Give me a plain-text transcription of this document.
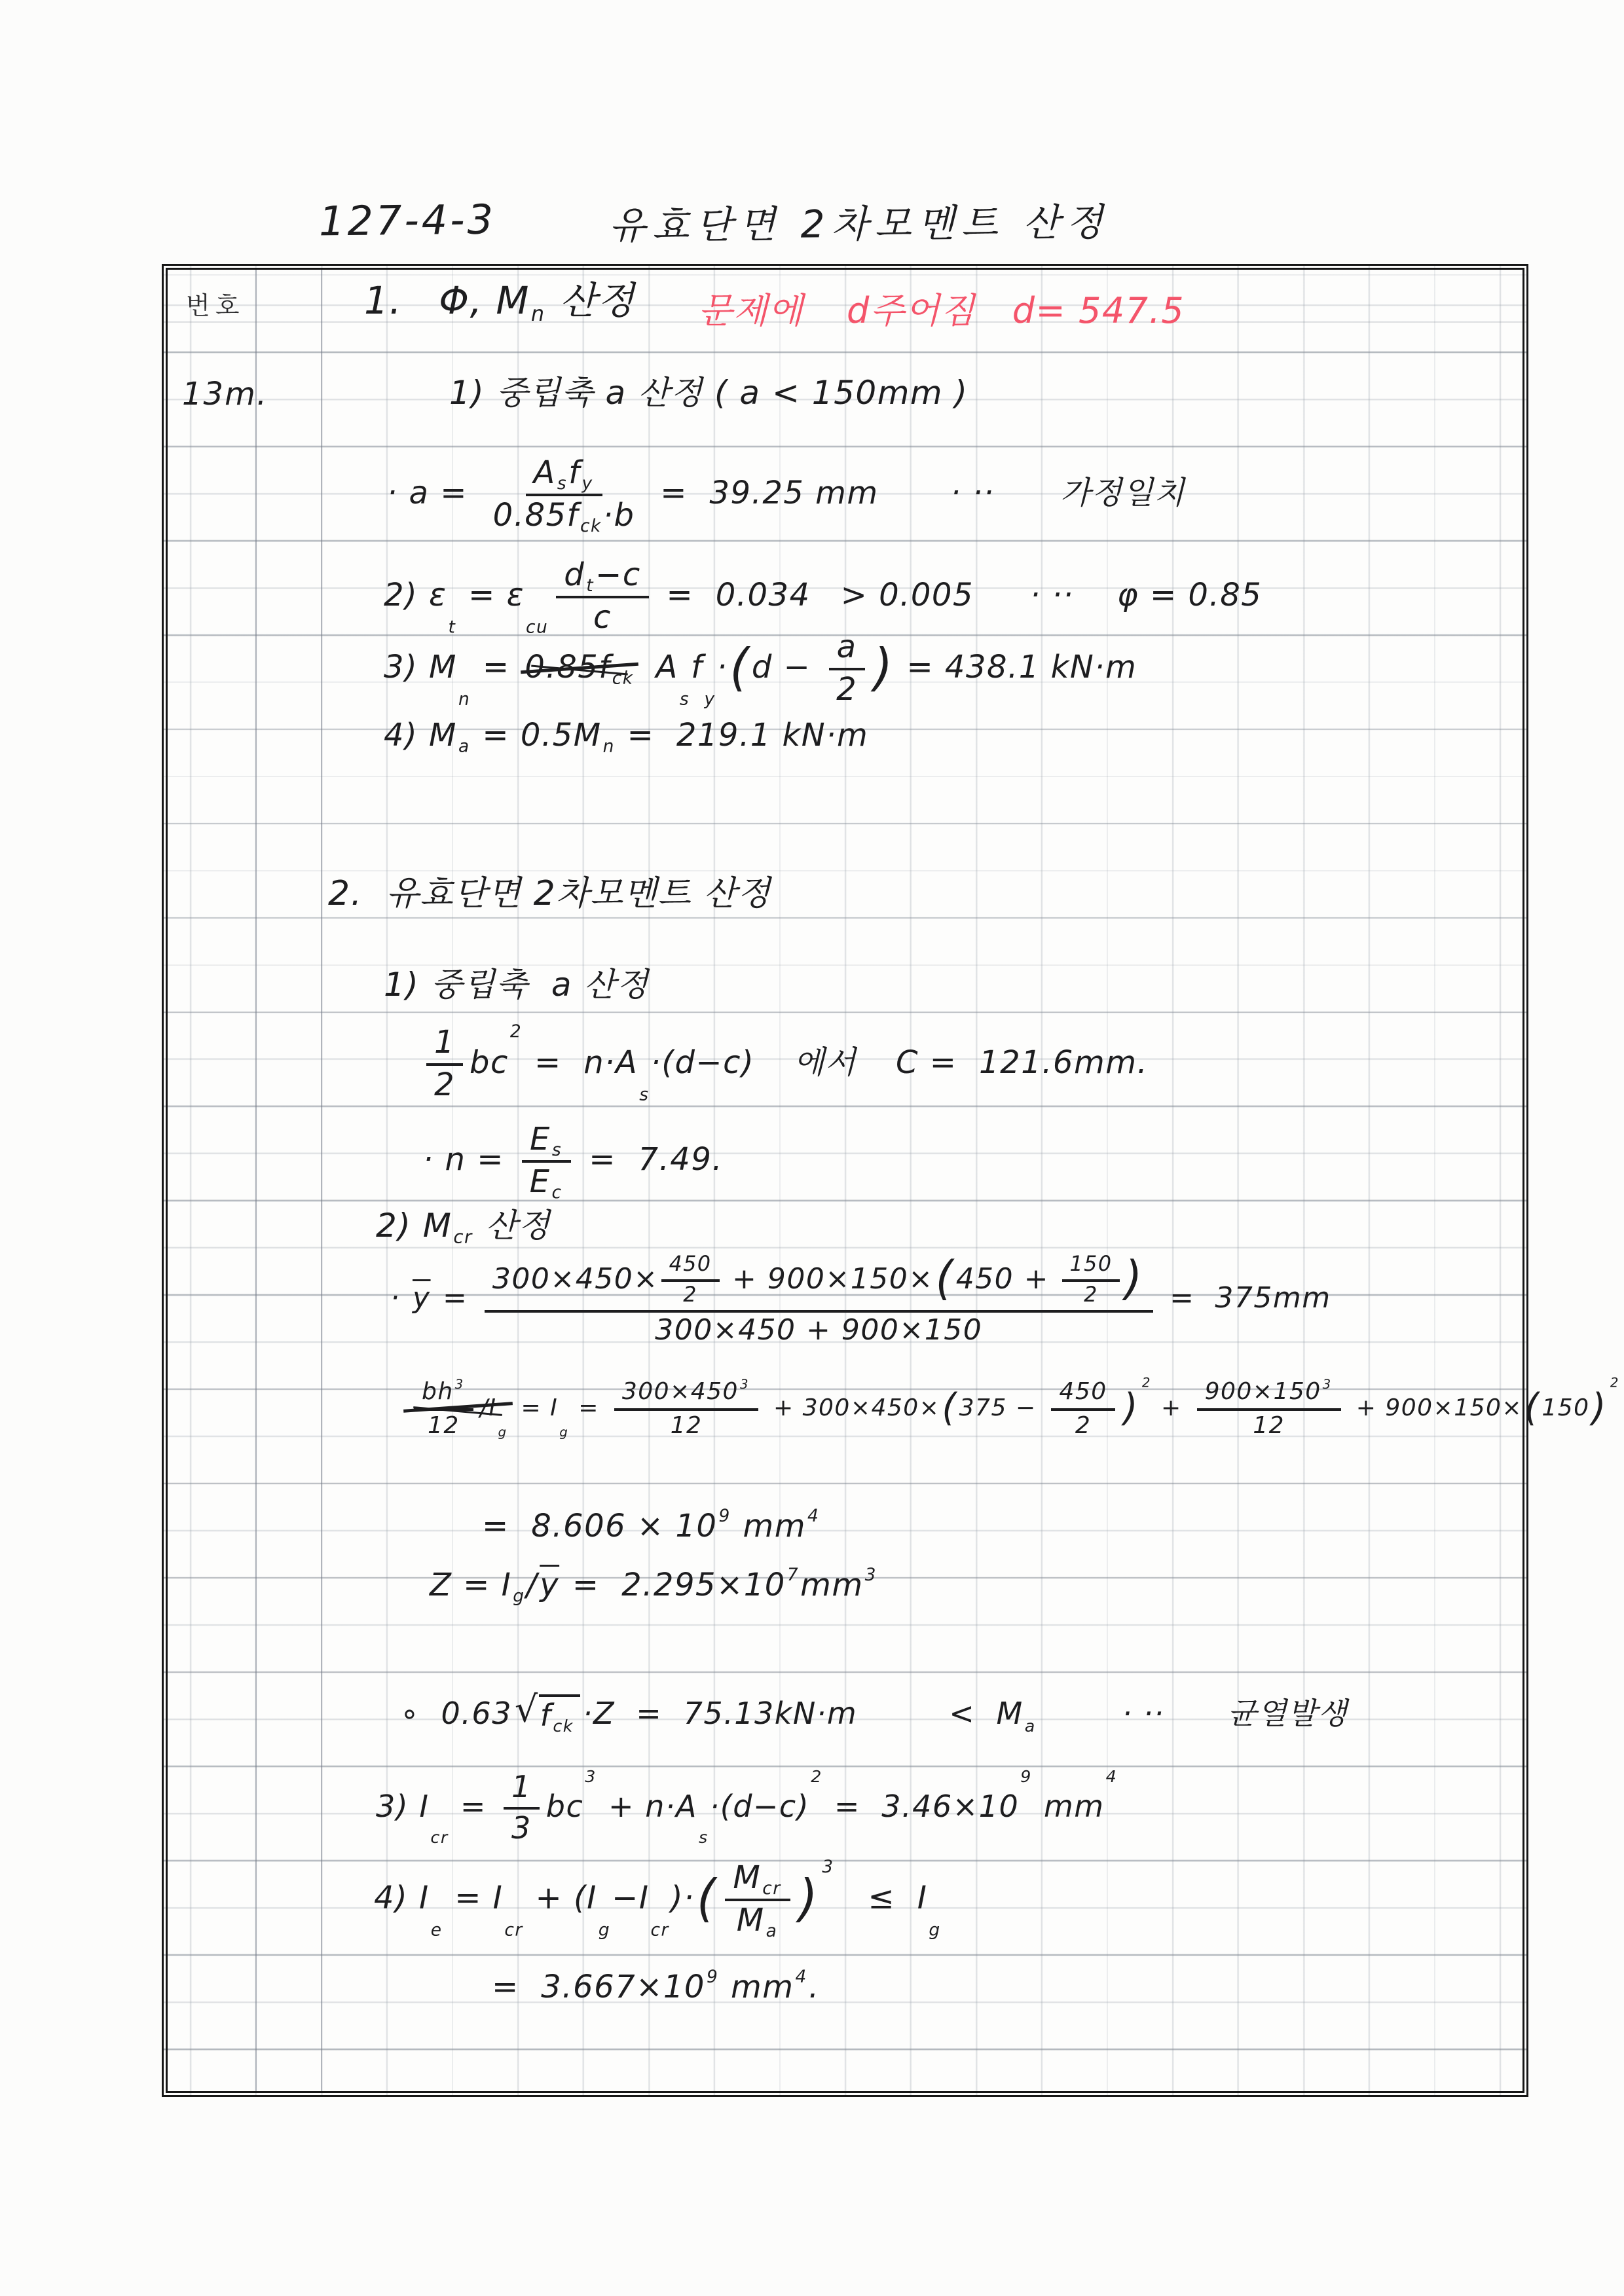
127-4-3	유효단면 2차모멘트 산정
번호
13m.
1. Φ, M n 산정 문제에 d주어짐 d= 547.5
1) 중립축 a 산정 ( a < 150mm )
· $a = \frac{\text{A s f y}}{\text{0.85f ck ·b}} = 39.25$ mm · ·· 가정일치
2) ε
t
= ε
cu $\frac{\text{d t −c}}{c} = 0.034 > 0.005$ · ·· φ = 0.85
3) M
n
= 0.85f ck A
s
f
y
· ( $d - \frac{a}{2}$ ) = 438.1 kN·m
4) M a = 0.5M n =  219.1 kN·m
2.  유효단면 2차모멘트 산정
1) 중립축  a 산정
$\frac{1}{2}$ bc
2
=  n·A
s
·(d−c) 에서 C =  121.6mm.
· $n = \frac{\text{E s}}{\text{E c}} = 7.49$.
2) M cr 산정
· $\overline{y} = \frac{300\times 450\times \frac{450}{2} + 900\times 150\times ( 450 + \frac{150}{2} )}{300\times 450 + 900\times 150} = 375mm$
$\frac{bh 3}{12} /I$
g
= I
g
= $\frac{300\times 450 3}{12} + 300\times 450\times$ ( $375 - \frac{450}{2}$ )
2
+ $\frac{900\times 150 3}{12} + 900\times 150\times$ ( 150 )
2
=  8.606 × 10 9 mm 4
Z = I $g / \overline{y} = 2.295\times 10$ 7 mm 3
∘  0.63 √ f ck ·Z  =  75.13kN·m	<  M a	· ·· 균열발생
3) I
cr
= $\frac{1}{3}$ bc
3
+ n·A
s
·(d−c)
2
=  3.46×10
9
mm
4
4) I
e
= I
cr
+ (I
g
−I
cr
)· ( $\frac{\text{M cr}}{\text{M a}}$ )
3
≤  I
g
=  3.667×10 9 mm 4 .
